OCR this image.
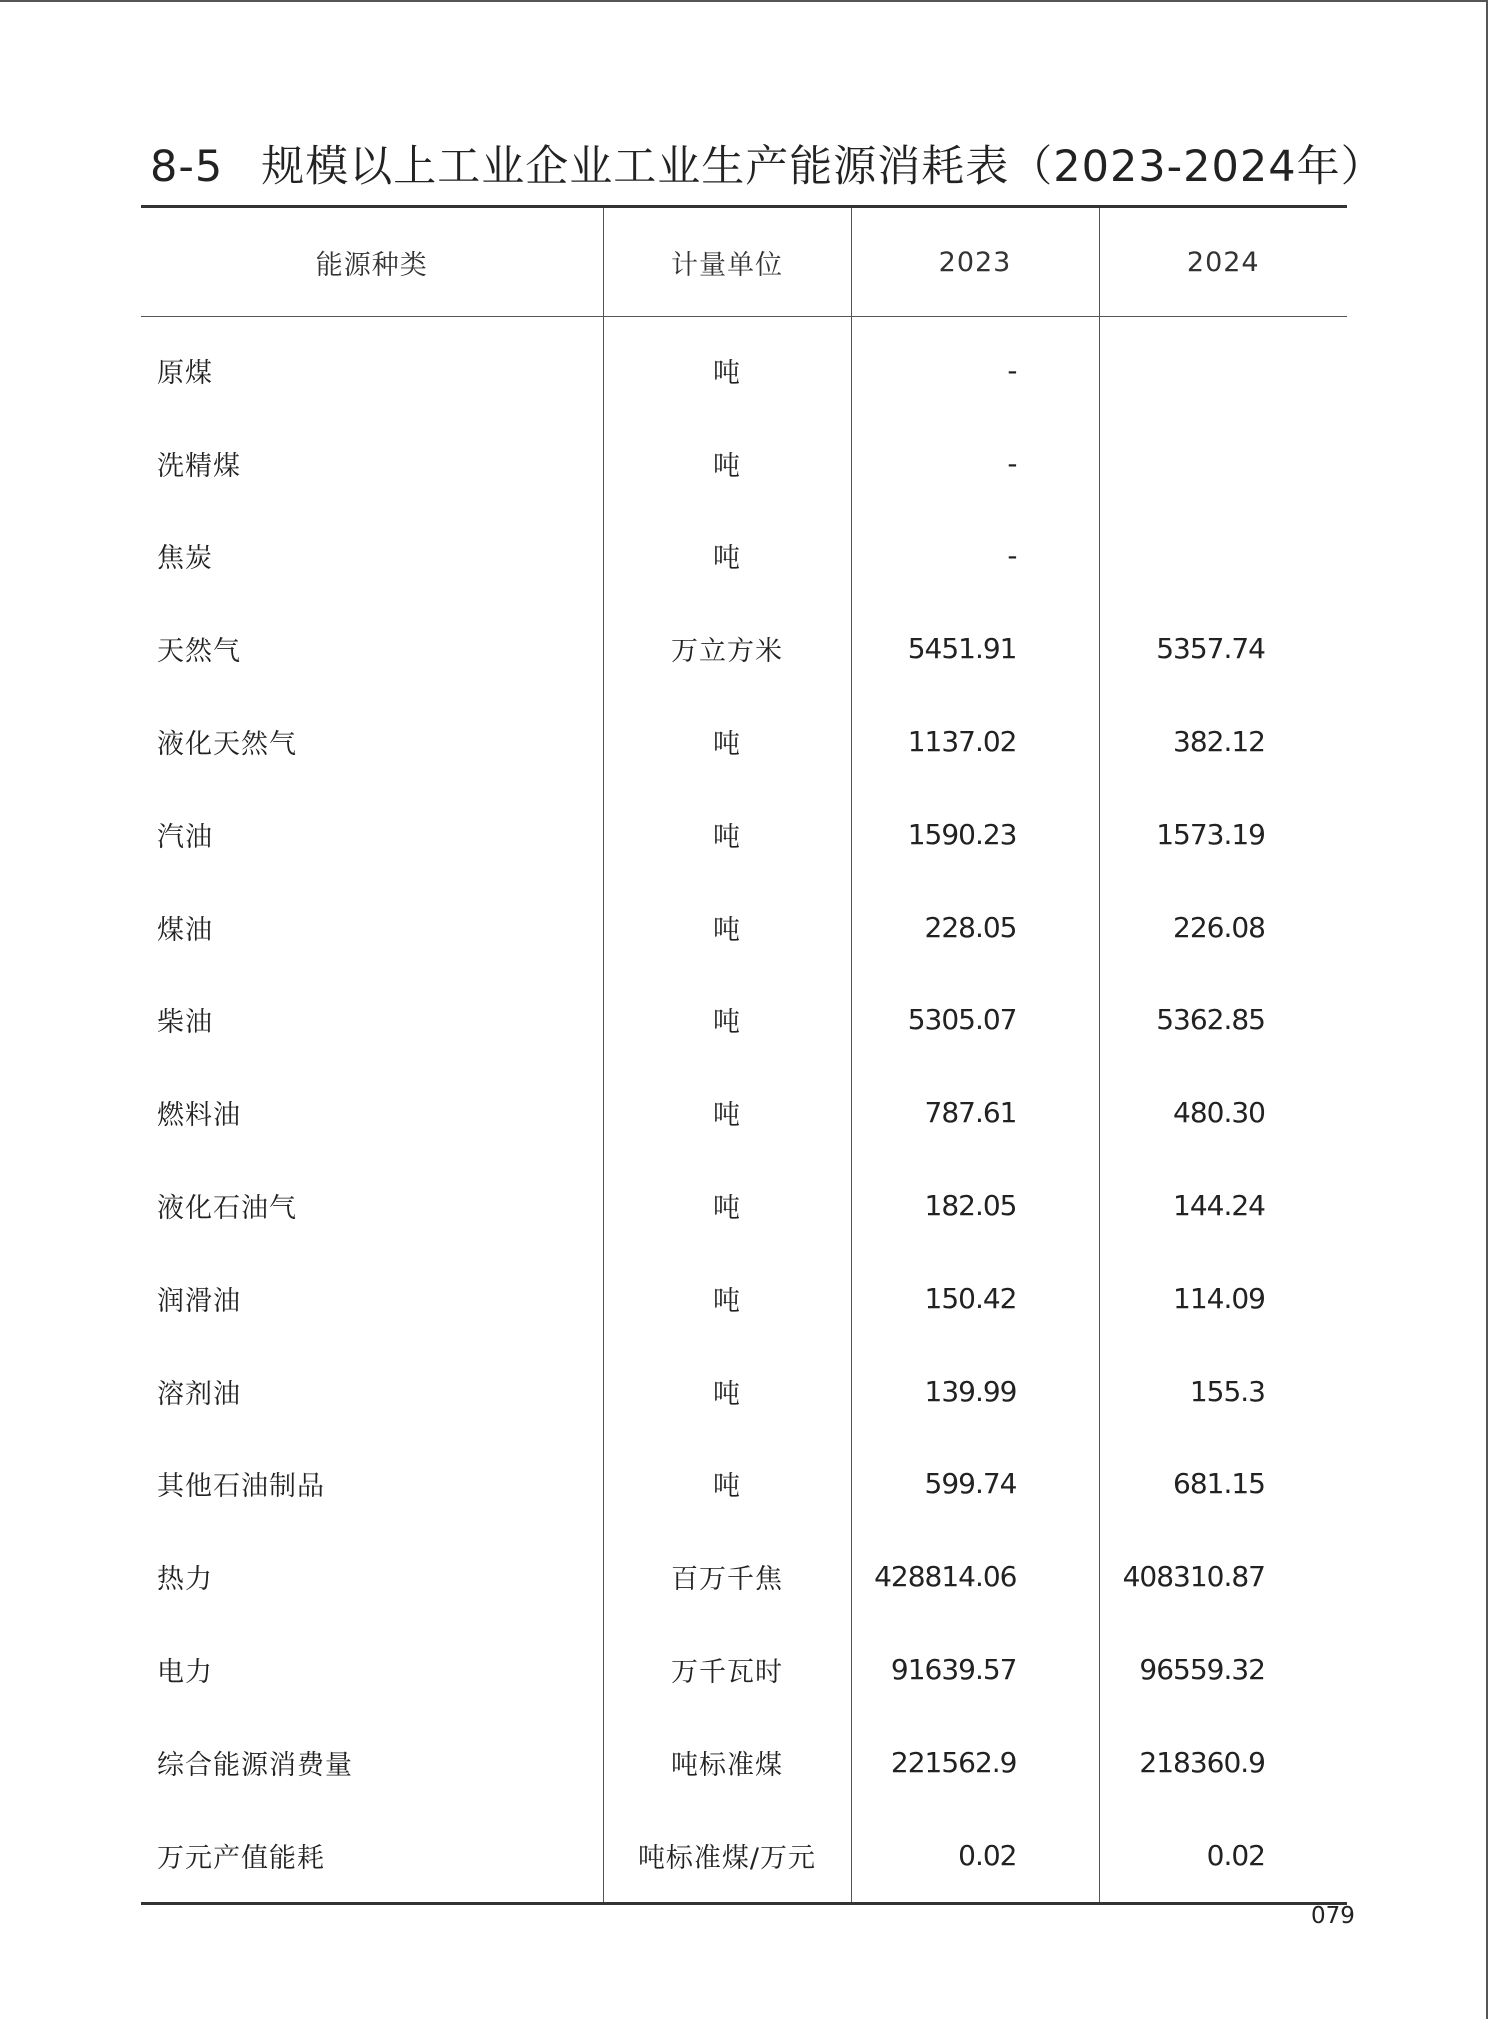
8-5 规模以上工业企业工业生产能源消耗表（2023-2024年）
能源种类	计量单位	2023	2024
原煤	吨	-	
洗精煤	吨	-	
焦炭	吨	-	
天然气	万立方米	5451.91	5357.74
液化天然气	吨	1137.02	382.12
汽油	吨	1590.23	1573.19
煤油	吨	228.05	226.08
柴油	吨	5305.07	5362.85
燃料油	吨	787.61	480.30
液化石油气	吨	182.05	144.24
润滑油	吨	150.42	114.09
溶剂油	吨	139.99	155.3
其他石油制品	吨	599.74	681.15
热力	百万千焦	428814.06	408310.87
电力	万千瓦时	91639.57	96559.32
综合能源消费量	吨标准煤	221562.9	218360.9
万元产值能耗	吨标准煤/万元	0.02	0.02
079
